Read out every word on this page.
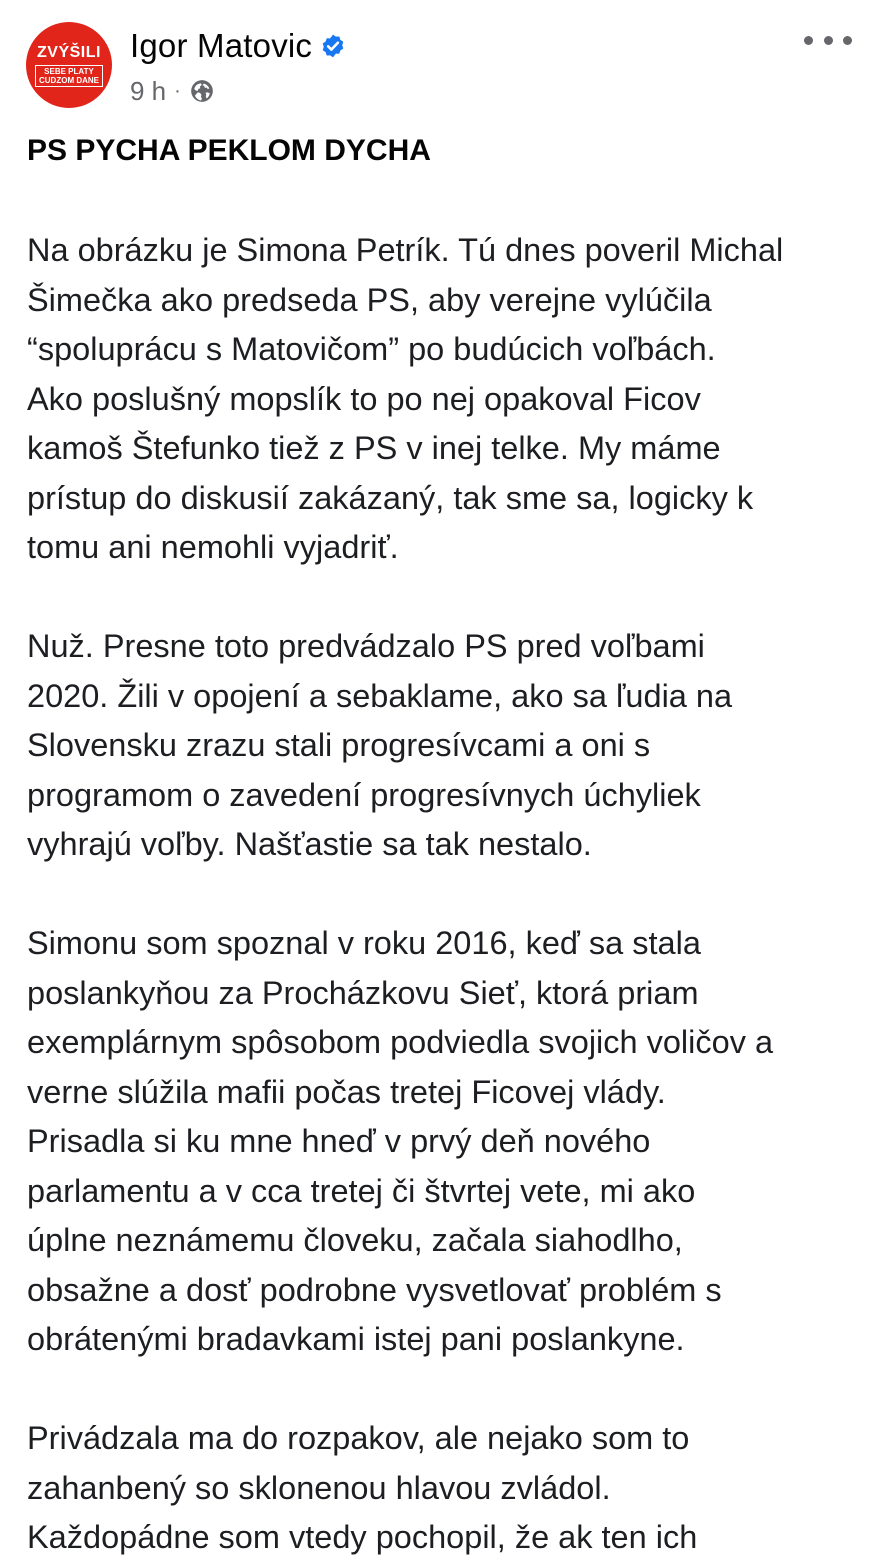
ZVÝŠILI
SEBE PLATY
CUDZOM DANE
Igor Matovic
9 h ·

PS PYCHA PEKLOM DYCHA

Na obrázku je Simona Petrík. Tú dnes poveril Michal
Šimečka ako predseda PS, aby verejne vylúčila
“spoluprácu s Matovičom” po budúcich voľbách.
Ako poslušný mopslík to po nej opakoval Ficov
kamoš Štefunko tiež z PS v inej telke. My máme
prístup do diskusií zakázaný, tak sme sa, logicky k
tomu ani nemohli vyjadriť.

Nuž. Presne toto predvádzalo PS pred voľbami
2020. Žili v opojení a sebaklame, ako sa ľudia na
Slovensku zrazu stali progresívcami a oni s
programom o zavedení progresívnych úchyliek
vyhrajú voľby. Našťastie sa tak nestalo.

Simonu som spoznal v roku 2016, keď sa stala
poslankyňou za Procházkovu Sieť, ktorá priam
exemplárnym spôsobom podviedla svojich voličov a
verne slúžila mafii počas tretej Ficovej vlády.
Prisadla si ku mne hneď v prvý deň nového
parlamentu a v cca tretej či štvrtej vete, mi ako
úplne neznámemu človeku, začala siahodlho,
obsažne a dosť podrobne vysvetlovať problém s
obrátenými bradavkami istej pani poslankyne.

Privádzala ma do rozpakov, ale nejako som to
zahanbený so sklonenou hlavou zvládol.
Každopádne som vtedy pochopil, že ak ten ich
